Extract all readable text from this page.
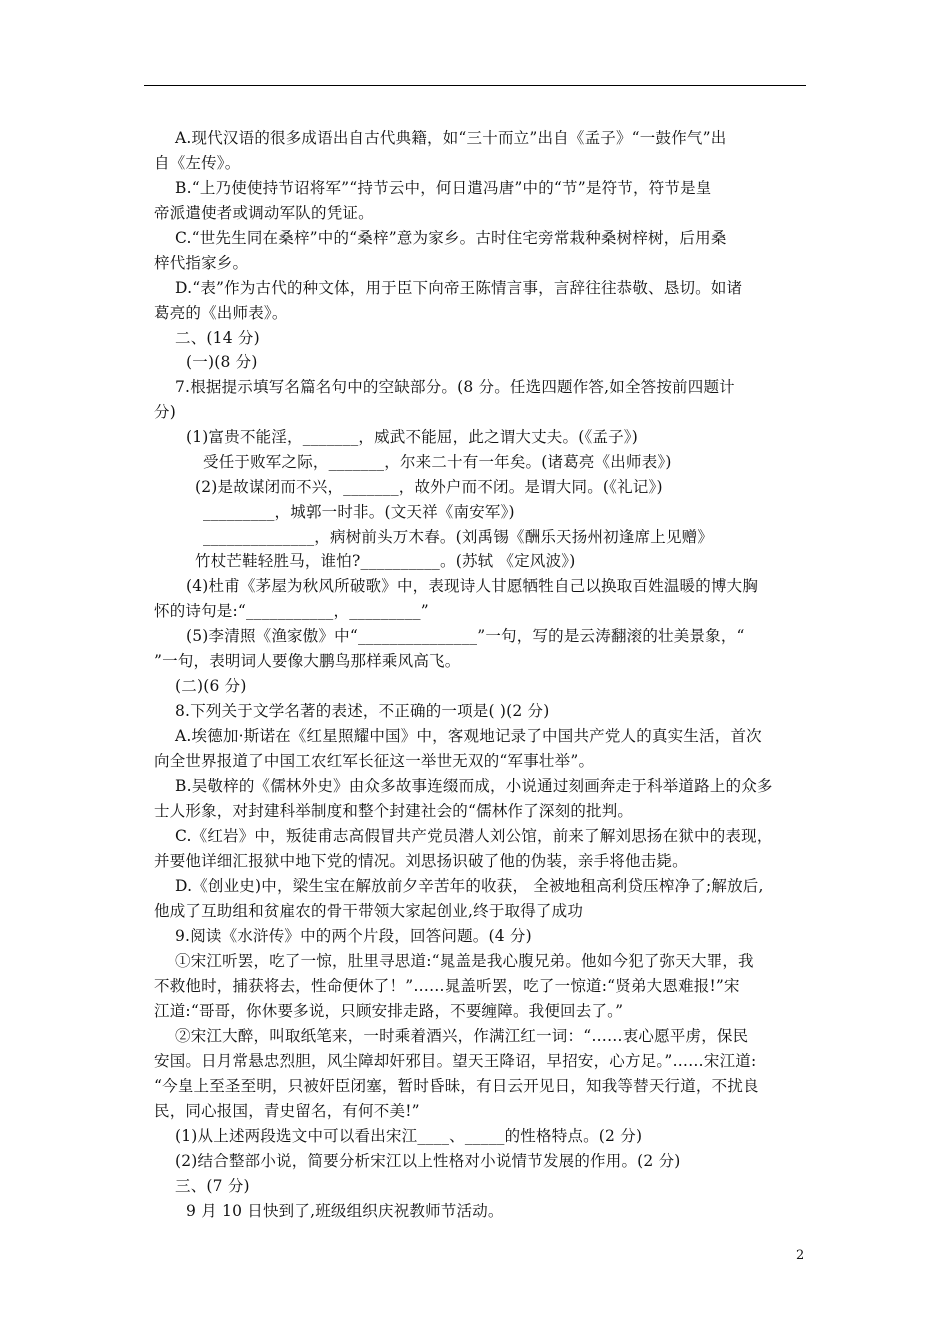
A.现代汉语的很多成语出自古代典籍，如“三十而立”出自《孟子》“一鼓作气”出
自《左传》。
B.“上乃使使持节诏将军”“持节云中，何日遣冯唐”中的“节”是符节，符节是皇
帝派遣使者或调动军队的凭证。
C.“世先生同在桑梓”中的“桑梓”意为家乡。古时住宅旁常栽种桑树梓树，后用桑
梓代指家乡。
D.“表”作为古代的种文体，用于臣下向帝王陈情言事，言辞往往恭敬、恳切。如诸
葛亮的《出师表》。
二、(14 分)
(一)(8 分)
7.根据提示填写名篇名句中的空缺部分。(8 分。任选四题作答,如全答按前四题计
分)
(1)富贵不能淫，_______，威武不能屈，此之谓大丈夫。(《孟子》)
受任于败军之际，_______，尔来二十有一年矣。(诸葛亮《出师表》)
(2)是故谋闭而不兴，_______，故外户而不闭。是谓大同。(《礼记》)
_________，城郭一时非。(文天祥《南安军》)
______________，病树前头万木春。(刘禹锡《酬乐天扬州初逢席上见赠》
竹杖芒鞋轻胜马，谁怕?__________。(苏轼 《定风波》)
(4)杜甫《茅屋为秋风所破歌》中，表现诗人甘愿牺牲自己以换取百姓温暖的博大胸
怀的诗句是:“___________，_________”
(5)李清照《渔家傲》中“_______________”一句，写的是云涛翻滚的壮美景象，“
”一句，表明词人要像大鹏鸟那样乘风高飞。
(二)(6 分)
8.下列关于文学名著的表述，不正确的一项是( )(2 分)
A.埃德加·斯诺在《红星照耀中国》中，客观地记录了中国共产党人的真实生活，首次
向全世界报道了中国工农红军长征这一举世无双的“军事壮举”。
B.吴敬梓的《儒林外史》由众多故事连缀而成，小说通过刻画奔走于科举道路上的众多
士人形象，对封建科举制度和整个封建社会的“儒林作了深刻的批判。
C.《红岩》中，叛徒甫志高假冒共产党员潜人刘公馆，前来了解刘思扬在狱中的表现，
并要他详细汇报狱中地下党的情况。刘思扬识破了他的伪装，亲手将他击毙。
D.《创业史)中，梁生宝在解放前夕辛苦年的收获， 全被地租高利贷压榨净了;解放后,
他成了互助组和贫雇农的骨干带领大家起创业,终于取得了成功
9.阅读《水浒传》中的两个片段，回答问题。(4 分)
①宋江听罢，吃了一惊，肚里寻思道:“晁盖是我心腹兄弟。他如今犯了弥天大罪，我
不救他时，捕获将去，性命便休了！”……晁盖听罢，吃了一惊道:“贤弟大恩难报!”宋
江道:“哥哥，你休要多说，只顾安排走路，不要缠障。我便回去了。”
②宋江大醉，叫取纸笔来，一时乘着酒兴，作满江红一词：“……衷心愿平虏，保民
安国。日月常悬忠烈胆，风尘障却奸邪目。望天王降诏，早招安，心方足。”……宋江道:
“今皇上至圣至明，只被奸臣闭塞，暂时昏昧，有日云开见日，知我等替天行道，不扰良
民，同心报国，青史留名，有何不美!”
(1)从上述两段选文中可以看出宋江____、_____的性格特点。(2 分)
(2)结合整部小说，简要分析宋江以上性格对小说情节发展的作用。(2 分)
三、(7 分)
9 月 10 日快到了,班级组织庆祝教师节活动。
2
